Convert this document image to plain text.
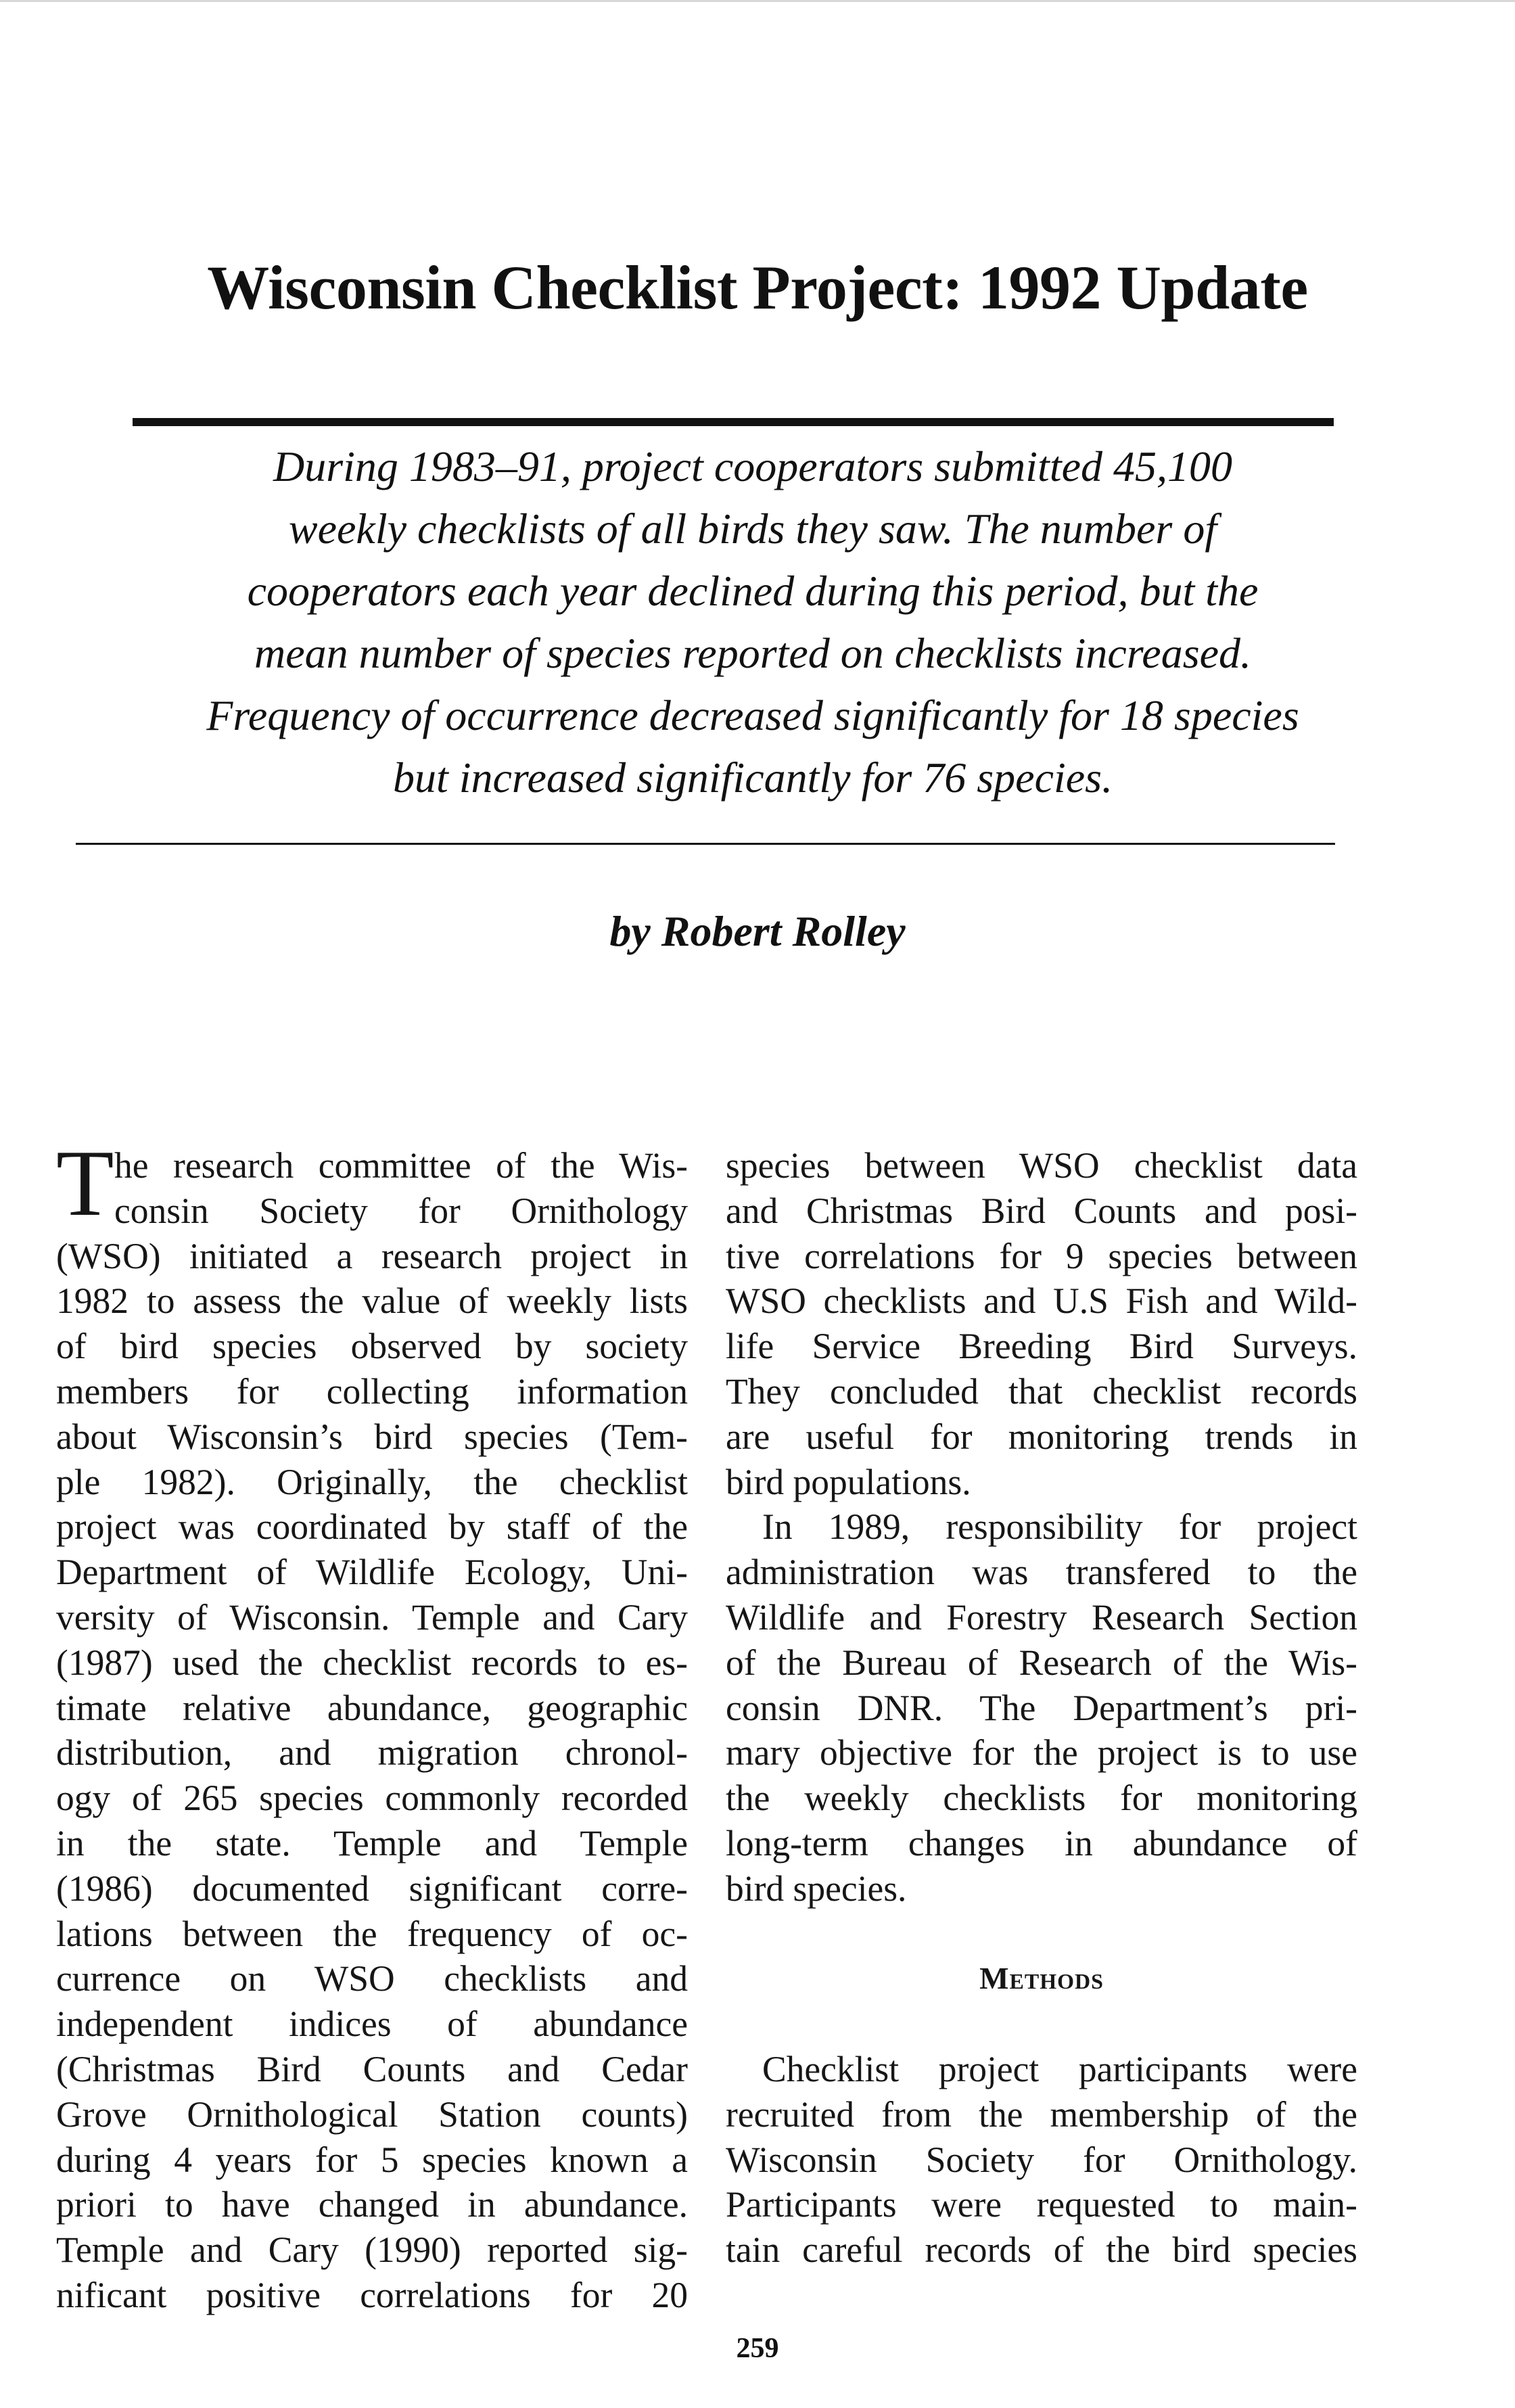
Wisconsin Checklist Project: 1992 Update
During 1983–91, project cooperators submitted 45,100
weekly checklists of all birds they saw. The number of
cooperators each year declined during this period, but the
mean number of species reported on checklists increased.
Frequency of occurrence decreased significantly for 18 species
but increased significantly for 76 species.
by Robert Rolley
T he research committee of the Wis-
consin Society for Ornithology
(WSO) initiated a research project in
1982 to assess the value of weekly lists
of bird species observed by society
members for collecting information
about Wisconsin’s bird species (Tem-
ple 1982). Originally, the checklist
project was coordinated by staff of the
Department of Wildlife Ecology, Uni-
versity of Wisconsin. Temple and Cary
(1987) used the checklist records to es-
timate relative abundance, geographic
distribution, and migration chronol-
ogy of 265 species commonly recorded
in the state. Temple and Temple
(1986) documented significant corre-
lations between the frequency of oc-
currence on WSO checklists and
independent indices of abundance
(Christmas Bird Counts and Cedar
Grove Ornithological Station counts)
during 4 years for 5 species known a
priori to have changed in abundance.
Temple and Cary (1990) reported sig-
nificant positive correlations for 20
species between WSO checklist data
and Christmas Bird Counts and posi-
tive correlations for 9 species between
WSO checklists and U.S Fish and Wild-
life Service Breeding Bird Surveys.
They concluded that checklist records
are useful for monitoring trends in
bird populations.
In 1989, responsibility for project
administration was transfered to the
Wildlife and Forestry Research Section
of the Bureau of Research of the Wis-
consin DNR. The Department’s pri-
mary objective for the project is to use
the weekly checklists for monitoring
long-term changes in abundance of
bird species.
Methods
Checklist project participants were
recruited from the membership of the
Wisconsin Society for Ornithology.
Participants were requested to main-
tain careful records of the bird species
259
